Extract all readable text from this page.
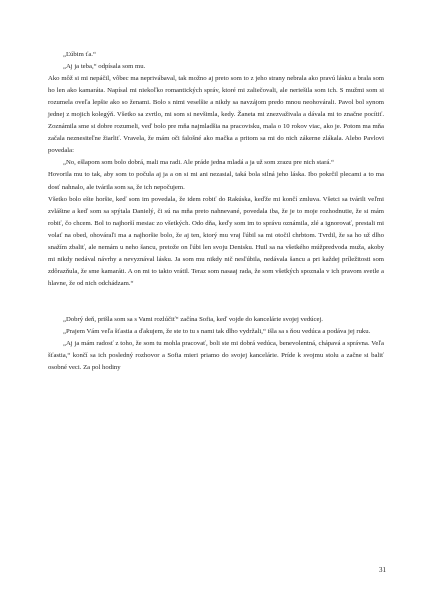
„Ľúbim ťa.“

„Aj ja teba,“ odpísala som mu.

Ako môž si mi nepáčil, vôbec ma neprivábaval, tak možno aj preto som to z jeho strany nebrala ako pravú lásku a brala som ho len ako kamaráta. Napísal mi niekoľko romantických správ, ktoré mi zaliečovali, ale neriešila som ich. S mužmi som si rozumela oveľa lepšie ako so ženami. Bolo s nimi veselšie a nikdy sa navzájom predo mnou neohovárali. Pavol bol synom jednej z mojich kolegýň. Všetko sa zvrtlo, mi som si nevšimla, kedy. Žaneta mi znezvaživala a dávala mi to značne pocítiť. Zoznámila sme si dobre rozumeli, veď bolo pre mňa najmladšia na pracovisku, mala o 10 rokov viac, ako je. Potom ma mňa začala neznesiteľne žiarliť. Vravela, že mám oči falošné ako mačka a pritom sa mi do nich zákerne zlákala. Alebo Pavlovi povedala:

„No, ešlapom som bolo dobrá, mali ma radi. Ale práde jedna mladá a ja už som zrazu pre nich stará.“

Hovorila mu to tak, aby som to počula aj ja a on si mi ani nezasial, taká bola silná jeho láska. Ibo pokrčil plecami a to ma dosť nahnalo, ale tvárila som sa, že ich nepočujem.

Všetko bolo ešte horšie, keď som im povedala, že idem robiť do Rakúska, keďže mi končí zmluva. Všetci sa tvárili veľmi zvláštne a keď som sa spýtala Danielý, či sú na mňa preto nahnevané, povedala iba, že je to moje rozhodnutie, že si mám robiť, čo chcem. Bol to najhorší mesiac zo všetkých. Odo dňa, keďy som im to správu oznámila, zlé a ignorovať, prestali mi volať na obed, ohováraľi ma a najhoršie bolo, že aj ten, ktorý mu vraj ľúbil sa mi otočil chrbtom. Tvrdil, že sa ho už dlho snažím zbaliť, ale nemám u neho šancu, pretože on ľúbi len svoju Denisku. Huil sa na všetkého múžpredvoda muža, akoby mi nikdy nedával návrhy a nevyznával lásku. Ja som mu nikdy nič nesľúbila, nedávala šancu a pri každej príležitosti som zdôrazňula, že sme kamaráti. A on mi to takto vrátil. Teraz som nasaaj rada, že som všetkých spoznala v ich pravom svetle a hlavne, že od nich odchádzam.“

„Dobrý deň, prišla som sa s Vami rozlúčiť“ začína Sofia, keď vojde do kancelárie svojej vedúcej.

„Prajem Vám veľa šťastia a ďakujem, že ste to tu s nami tak dlho vydržali,“ išla sa s ňou vedúca a podáva jej ruku.

„Aj ja mám radosť z toho, že som tu mohla pracovať, boli ste mi dobrá vedúca, benevolentná, chápavá a správna. Veľa šťastia,“ končí sa ich posledný rozhovor a Sofia mieri priamo do svojej kancelárie. Príde k svojmu stolu a začne si baliť osobné veci. Za pol hodiny

31
